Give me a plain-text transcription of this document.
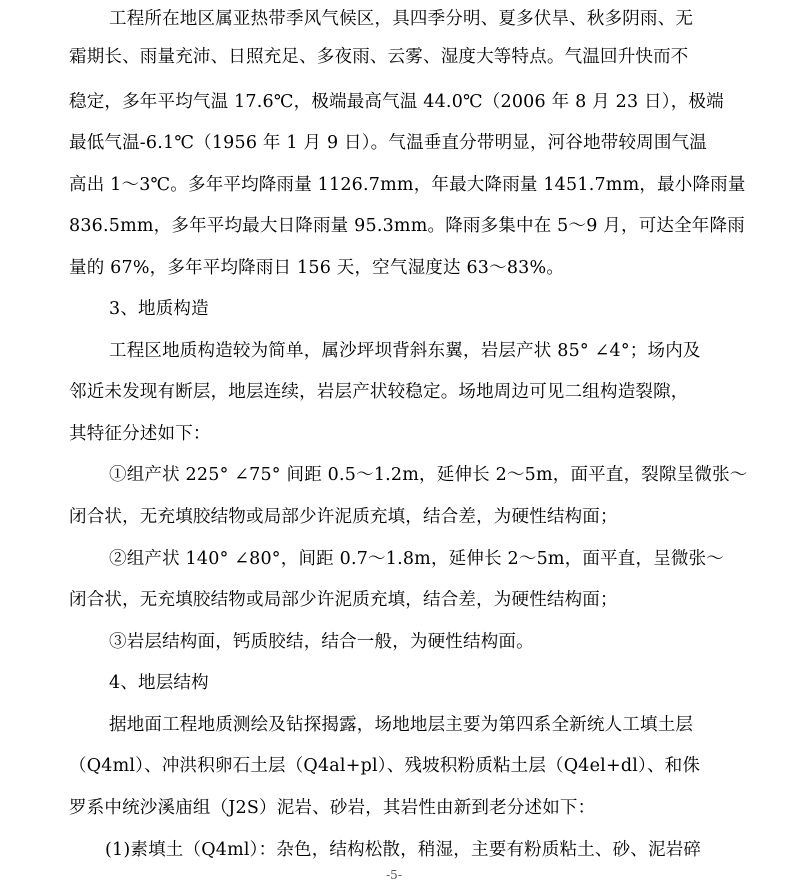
工程所在地区属亚热带季风气候区，具四季分明、夏多伏旱、秋多阴雨、无
霜期长、雨量充沛、日照充足、多夜雨、云雾、湿度大等特点。气温回升快而不
稳定，多年平均气温 17.6℃，极端最高气温 44.0℃（2006 年 8 月 23 日），极端
最低气温-6.1℃（1956 年 1 月 9 日）。气温垂直分带明显，河谷地带较周围气温
高出 1～3℃。多年平均降雨量 1126.7mm，年最大降雨量 1451.7mm，最小降雨量
836.5mm，多年平均最大日降雨量 95.3mm。降雨多集中在 5～9 月，可达全年降雨
量的 67%，多年平均降雨日 156 天，空气湿度达 63～83%。
3、地质构造
工程区地质构造较为简单，属沙坪坝背斜东翼，岩层产状 85° ∠4°；场内及
邻近未发现有断层，地层连续，岩层产状较稳定。场地周边可见二组构造裂隙，
其特征分述如下：
①组产状 225° ∠75° 间距 0.5～1.2m，延伸长 2～5m，面平直，裂隙呈微张～
闭合状，无充填胶结物或局部少许泥质充填，结合差，为硬性结构面；
②组产状 140° ∠80°，间距 0.7～1.8m，延伸长 2～5m，面平直，呈微张～
闭合状，无充填胶结物或局部少许泥质充填，结合差，为硬性结构面；
③岩层结构面，钙质胶结，结合一般，为硬性结构面。
4、地层结构
据地面工程地质测绘及钻探揭露，场地地层主要为第四系全新统人工填土层
（Q4ml）、冲洪积卵石土层（Q4al+pl）、残坡积粉质粘土层（Q4el+dl）、和侏
罗系中统沙溪庙组（J2S）泥岩、砂岩，其岩性由新到老分述如下：
(1)素填土（Q4ml）：杂色，结构松散，稍湿，主要有粉质粘土、砂、泥岩碎
-5-
